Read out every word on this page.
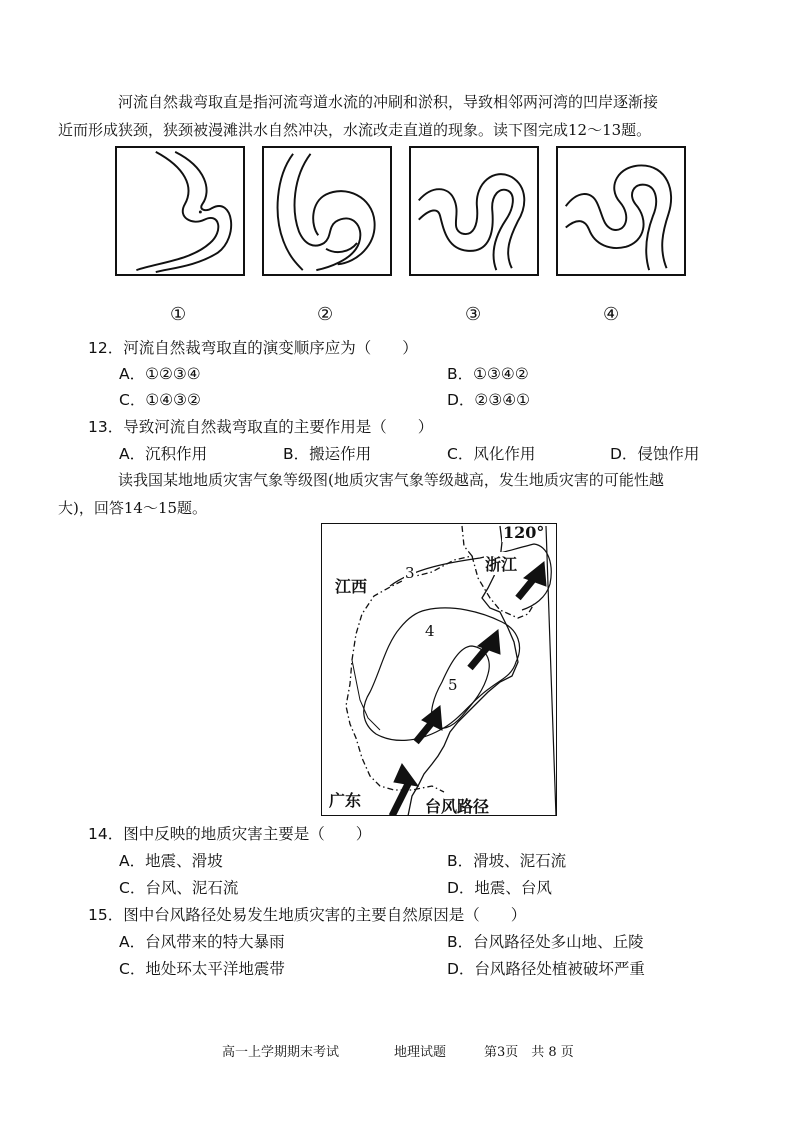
河流自然裁弯取直是指河流弯道水流的冲刷和淤积，导致相邻两河湾的凹岸逐渐接
近而形成狭颈，狭颈被漫滩洪水自然冲决，水流改走直道的现象。读下图完成12～13题。
①	②	③	④
12．河流自然裁弯取直的演变顺序应为（　　）
A．①②③④	B．①③④②
C．①④③②	D．②③④①
13．导致河流自然裁弯取直的主要作用是（　　）
A．沉积作用	B．搬运作用	C．风化作用	D．侵蚀作用
读我国某地地质灾害气象等级图(地质灾害气象等级越高，发生地质灾害的可能性越
大)，回答14～15题。
120°
浙江
江西
广东	台风路径
3
4
5
14．图中反映的地质灾害主要是（　　）
A．地震、滑坡	B．滑坡、泥石流
C．台风、泥石流	D．地震、台风
15．图中台风路径处易发生地质灾害的主要自然原因是（　　）
A．台风带来的特大暴雨	B．台风路径处多山地、丘陵
C．地处环太平洋地震带	D．台风路径处植被破坏严重
高一上学期期末考试	地理试题	第3页　共 8 页
